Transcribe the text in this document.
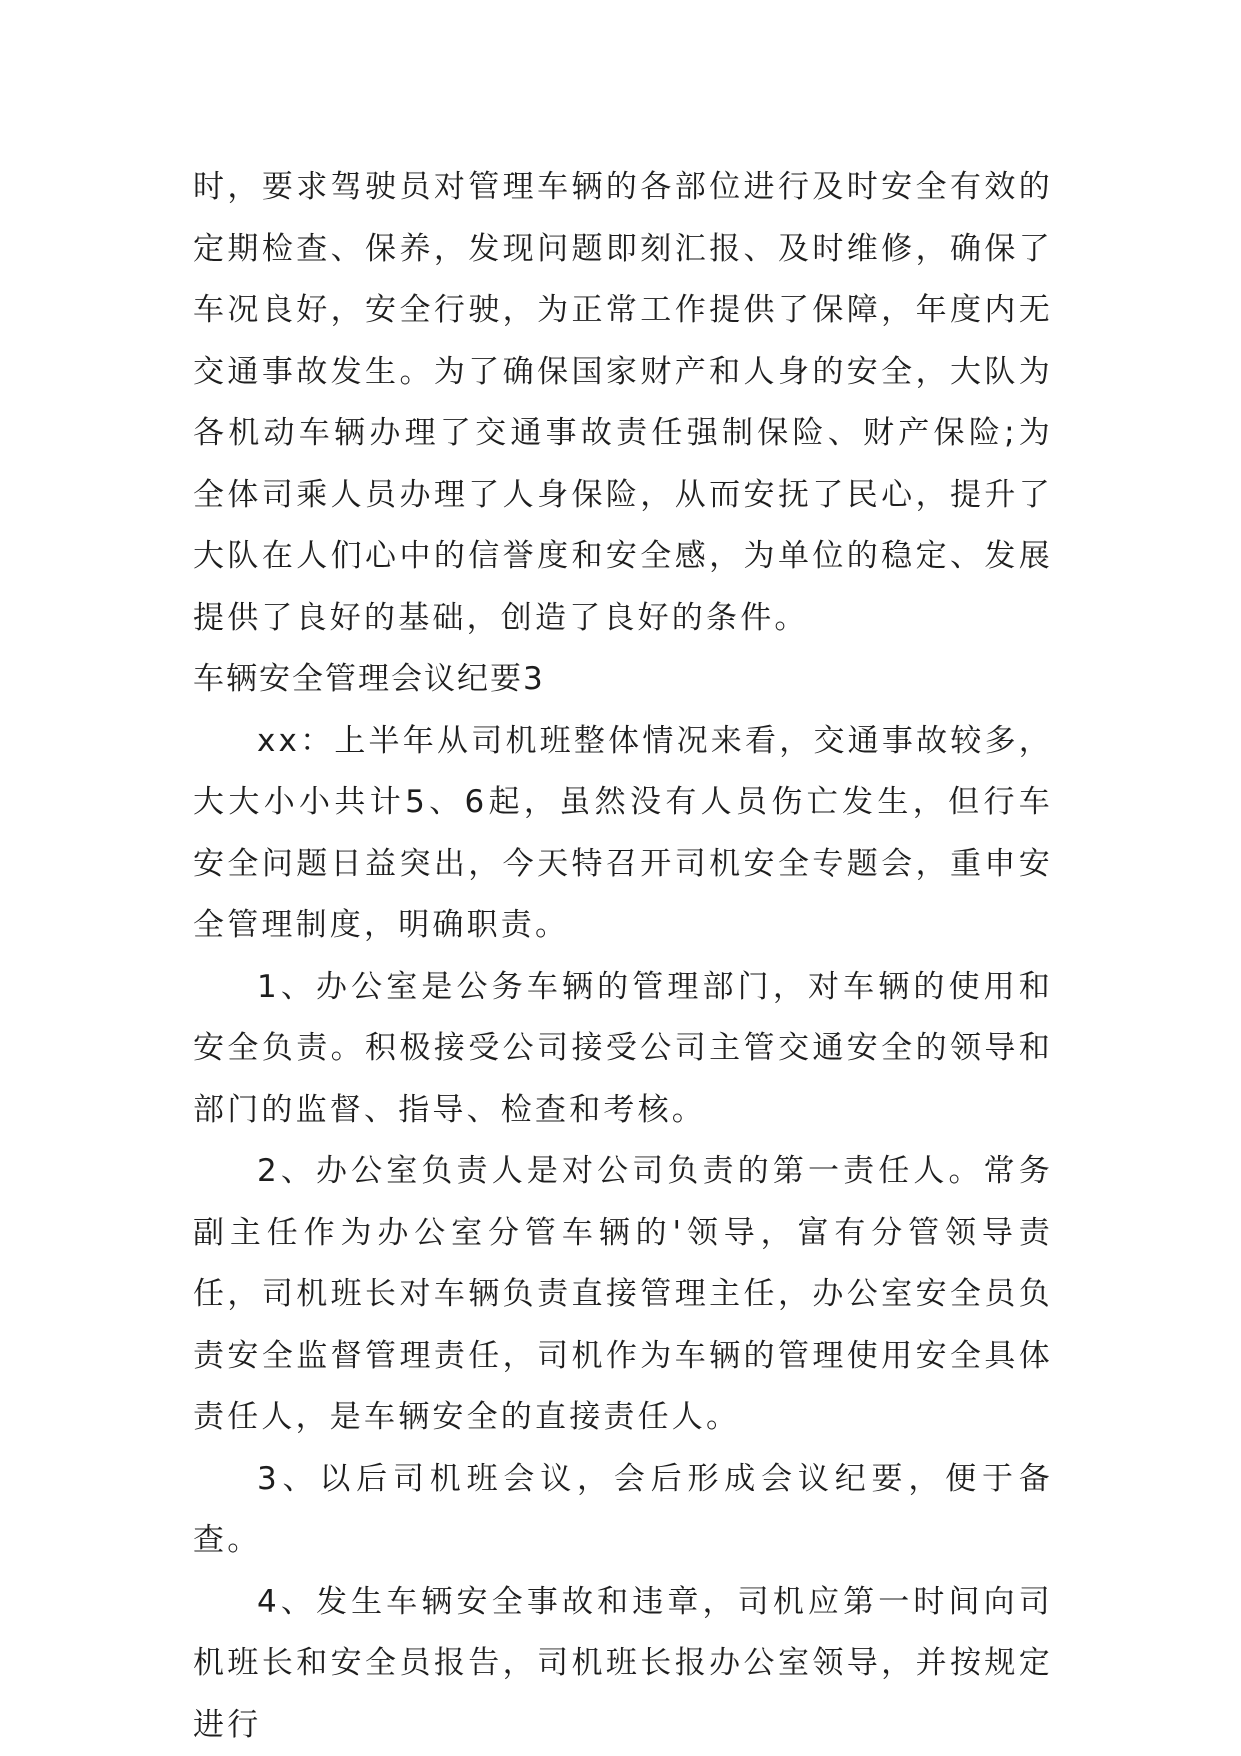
时，要求驾驶员对管理车辆的各部位进行及时安全有效的定期检查、保养，发现问题即刻汇报、及时维修，确保了车况良好，安全行驶，为正常工作提供了保障，年度内无交通事故发生。为了确保国家财产和人身的安全，大队为各机动车辆办理了交通事故责任强制保险、财产保险;为全体司乘人员办理了人身保险，从而安抚了民心，提升了大队在人们心中的信誉度和安全感，为单位的稳定、发展提供了良好的基础，创造了良好的条件。

车辆安全管理会议纪要3

xx：上半年从司机班整体情况来看，交通事故较多，大大小小共计5、6起，虽然没有人员伤亡发生，但行车安全问题日益突出，今天特召开司机安全专题会，重申安全管理制度，明确职责。

1、办公室是公务车辆的管理部门，对车辆的使用和安全负责。积极接受公司接受公司主管交通安全的领导和部门的监督、指导、检查和考核。

2、办公室负责人是对公司负责的第一责任人。常务副主任作为办公室分管车辆的'领导，富有分管领导责任，司机班长对车辆负责直接管理主任，办公室安全员负责安全监督管理责任，司机作为车辆的管理使用安全具体责任人，是车辆安全的直接责任人。

3、以后司机班会议，会后形成会议纪要，便于备查。

4、发生车辆安全事故和违章，司机应第一时间向司机班长和安全员报告，司机班长报办公室领导，并按规定进行
